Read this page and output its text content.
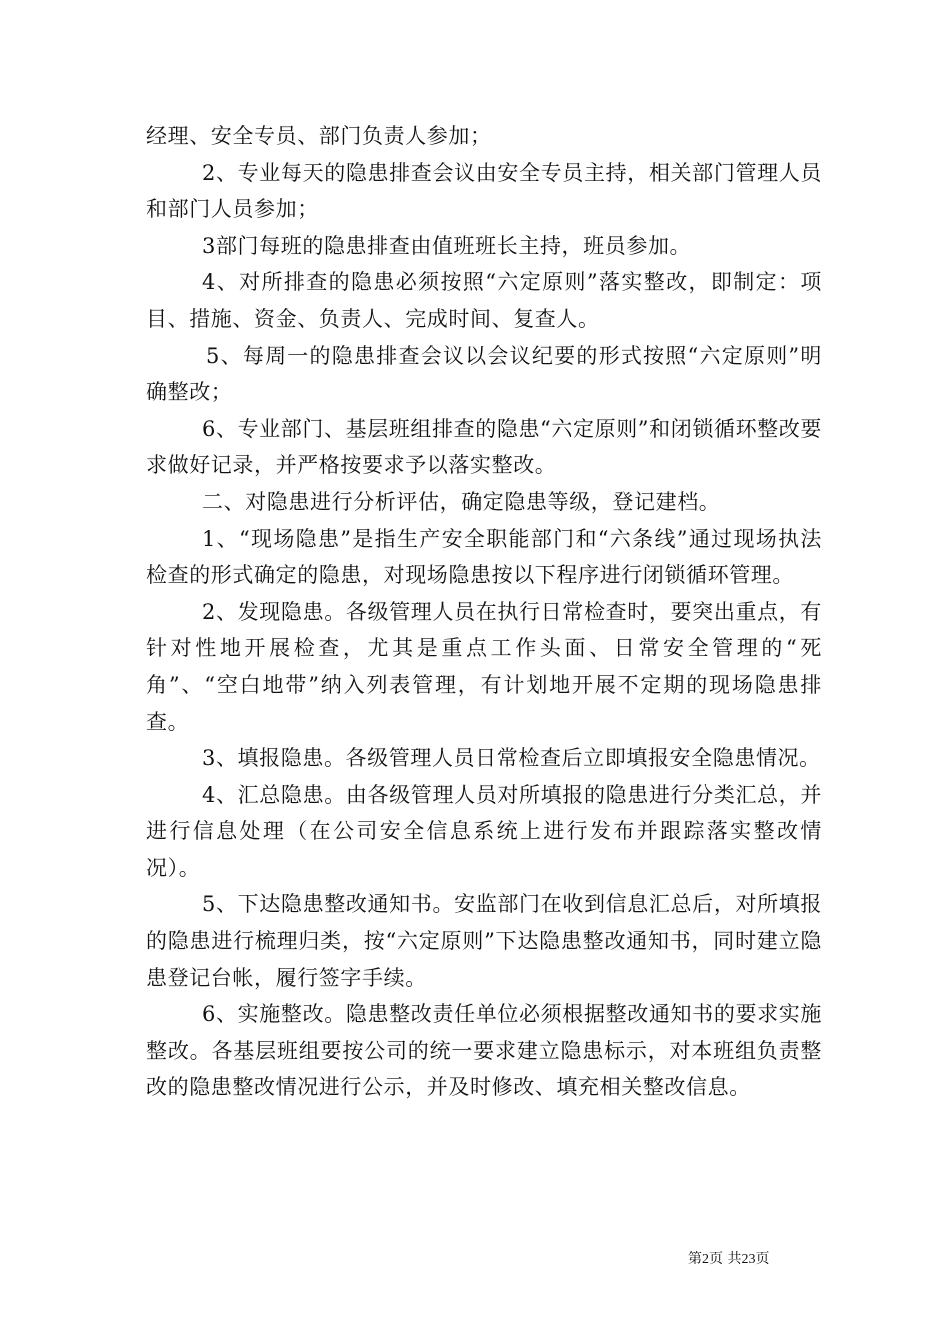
经理、安全专员、部门负责人参加；

2、专业每天的隐患排查会议由安全专员主持，相关部门管理人员和部门人员参加；

3部门每班的隐患排查由值班班长主持，班员参加。

4、对所排查的隐患必须按照“六定原则”落实整改，即制定：项目、措施、资金、负责人、完成时间、复查人。

5、每周一的隐患排查会议以会议纪要的形式按照“六定原则”明确整改；

6、专业部门、基层班组排查的隐患“六定原则”和闭锁循环整改要求做好记录，并严格按要求予以落实整改。

二、对隐患进行分析评估，确定隐患等级，登记建档。

1、“现场隐患”是指生产安全职能部门和“六条线”通过现场执法检查的形式确定的隐患，对现场隐患按以下程序进行闭锁循环管理。

2、发现隐患。各级管理人员在执行日常检查时，要突出重点，有针对性地开展检查，尤其是重点工作头面、日常安全管理的“死角”、“空白地带”纳入列表管理，有计划地开展不定期的现场隐患排查。

3、填报隐患。各级管理人员日常检查后立即填报安全隐患情况。

4、汇总隐患。由各级管理人员对所填报的隐患进行分类汇总，并进行信息处理（在公司安全信息系统上进行发布并跟踪落实整改情况）。

5、下达隐患整改通知书。安监部门在收到信息汇总后，对所填报的隐患进行梳理归类，按“六定原则”下达隐患整改通知书，同时建立隐患登记台帐，履行签字手续。

6、实施整改。隐患整改责任单位必须根据整改通知书的要求实施整改。各基层班组要按公司的统一要求建立隐患标示，对本班组负责整改的隐患整改情况进行公示，并及时修改、填充相关整改信息。

第2页 共23页
